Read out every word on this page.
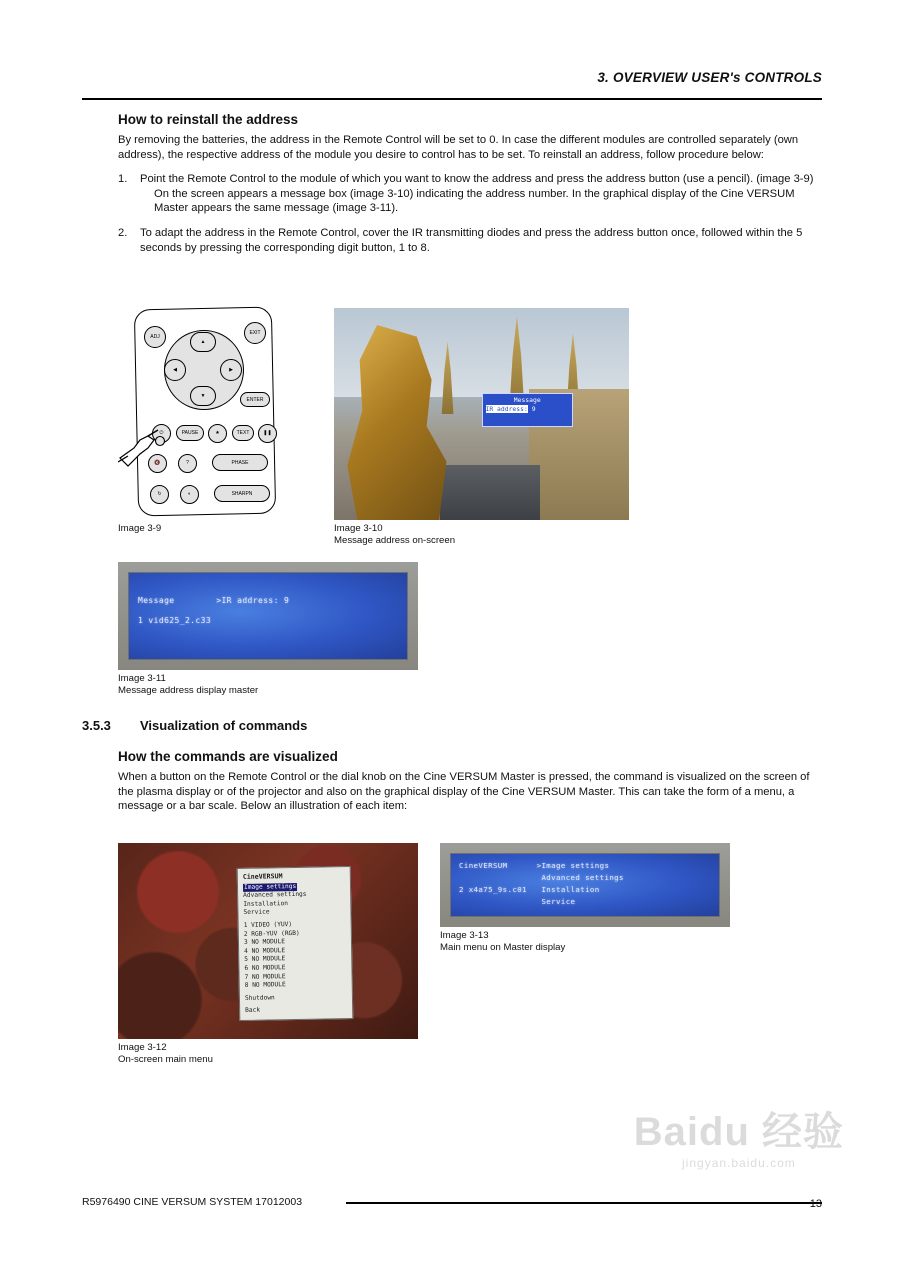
3. OVERVIEW USER's CONTROLS
How to reinstall the address

By removing the batteries, the address in the Remote Control will be set to 0. In case the different modules are controlled separately (own address), the respective address of the module you desire to control has to be set. To reinstall an address, follow procedure below:

1. Point the Remote Control to the module of which you want to know the address and press the address button (use a pencil). (image 3-9)

On the screen appears a message box (image 3-10) indicating the address number. In the graphical display of the Cine VERSUM Master appears the same message (image 3-11).

2. To adapt the address in the Remote Control, cover the IR transmitting diodes and press the address button once, followed within the 5 seconds by pressing the corresponding digit button, 1 to 8.
ADJ
EXIT
▲
▼
◀	▶
ENTER
⏻	PAUSE	★	TEXT	❚❚
🔇	?	PHASE
↻	◐	SHARPN
Image 3-9
Message
IR address: 9
Image 3-10
Message address on-screen
Message        >IR address: 9
1 vid625_2.c33
Image 3-11
Message address display master
3.5.3 Visualization of commands
How the commands are visualized

When a button on the Remote Control or the dial knob on the Cine VERSUM Master is pressed, the command is visualized on the screen of the plasma display or of the projector and also on the graphical display of the Cine VERSUM Master. This can take the form of a menu, a message or a bar scale. Below an illustration of each item:

CineVERSUM
Image settings
Advanced settings
Installation
Service
1 VIDEO (YUV)
2 RGB-YUV (RGB)
3 NO MODULE
4 NO MODULE
5 NO MODULE
6 NO MODULE
7 NO MODULE
8 NO MODULE
Shutdown
Back
Image 3-12
On-screen main menu
CineVERSUM      >Image settings
Advanced settings
2 x4a75_9s.c01   Installation
Service
Image 3-13
Main menu on Master display
Baidu 经验
jingyan.baidu.com
R5976490 CINE VERSUM SYSTEM 17012003	13
